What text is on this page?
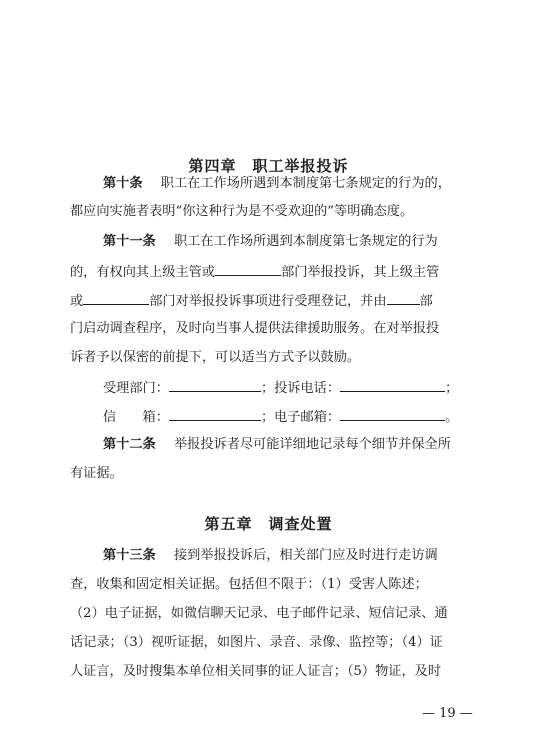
第四章　职工举报投诉
第十条 职工在工作场所遇到本制度第七条规定的行为的，
都应向实施者表明“你这种行为是不受欢迎的”等明确态度。
第十一条 职工在工作场所遇到本制度第七条规定的行为
的，有权向其上级主管或	部门举报投诉，其上级主管
或	部门对举报投诉事项进行受理登记，并由	部
门启动调查程序，及时向当事人提供法律援助服务。在对举报投
诉者予以保密的前提下，可以适当方式予以鼓励。
受理部门：	；投诉电话：	；
信　　箱：	；电子邮箱：	。
第十二条 举报投诉者尽可能详细地记录每个细节并保全所
有证据。
第五章　调查处置
第十三条 接到举报投诉后，相关部门应及时进行走访调
查，收集和固定相关证据。包括但不限于：（1）受害人陈述；
（2）电子证据，如微信聊天记录、电子邮件记录、短信记录、通
话记录；（3）视听证据，如图片、录音、录像、监控等；（4）证
人证言，及时搜集本单位相关同事的证人证言；（5）物证，及时
— 19 —
